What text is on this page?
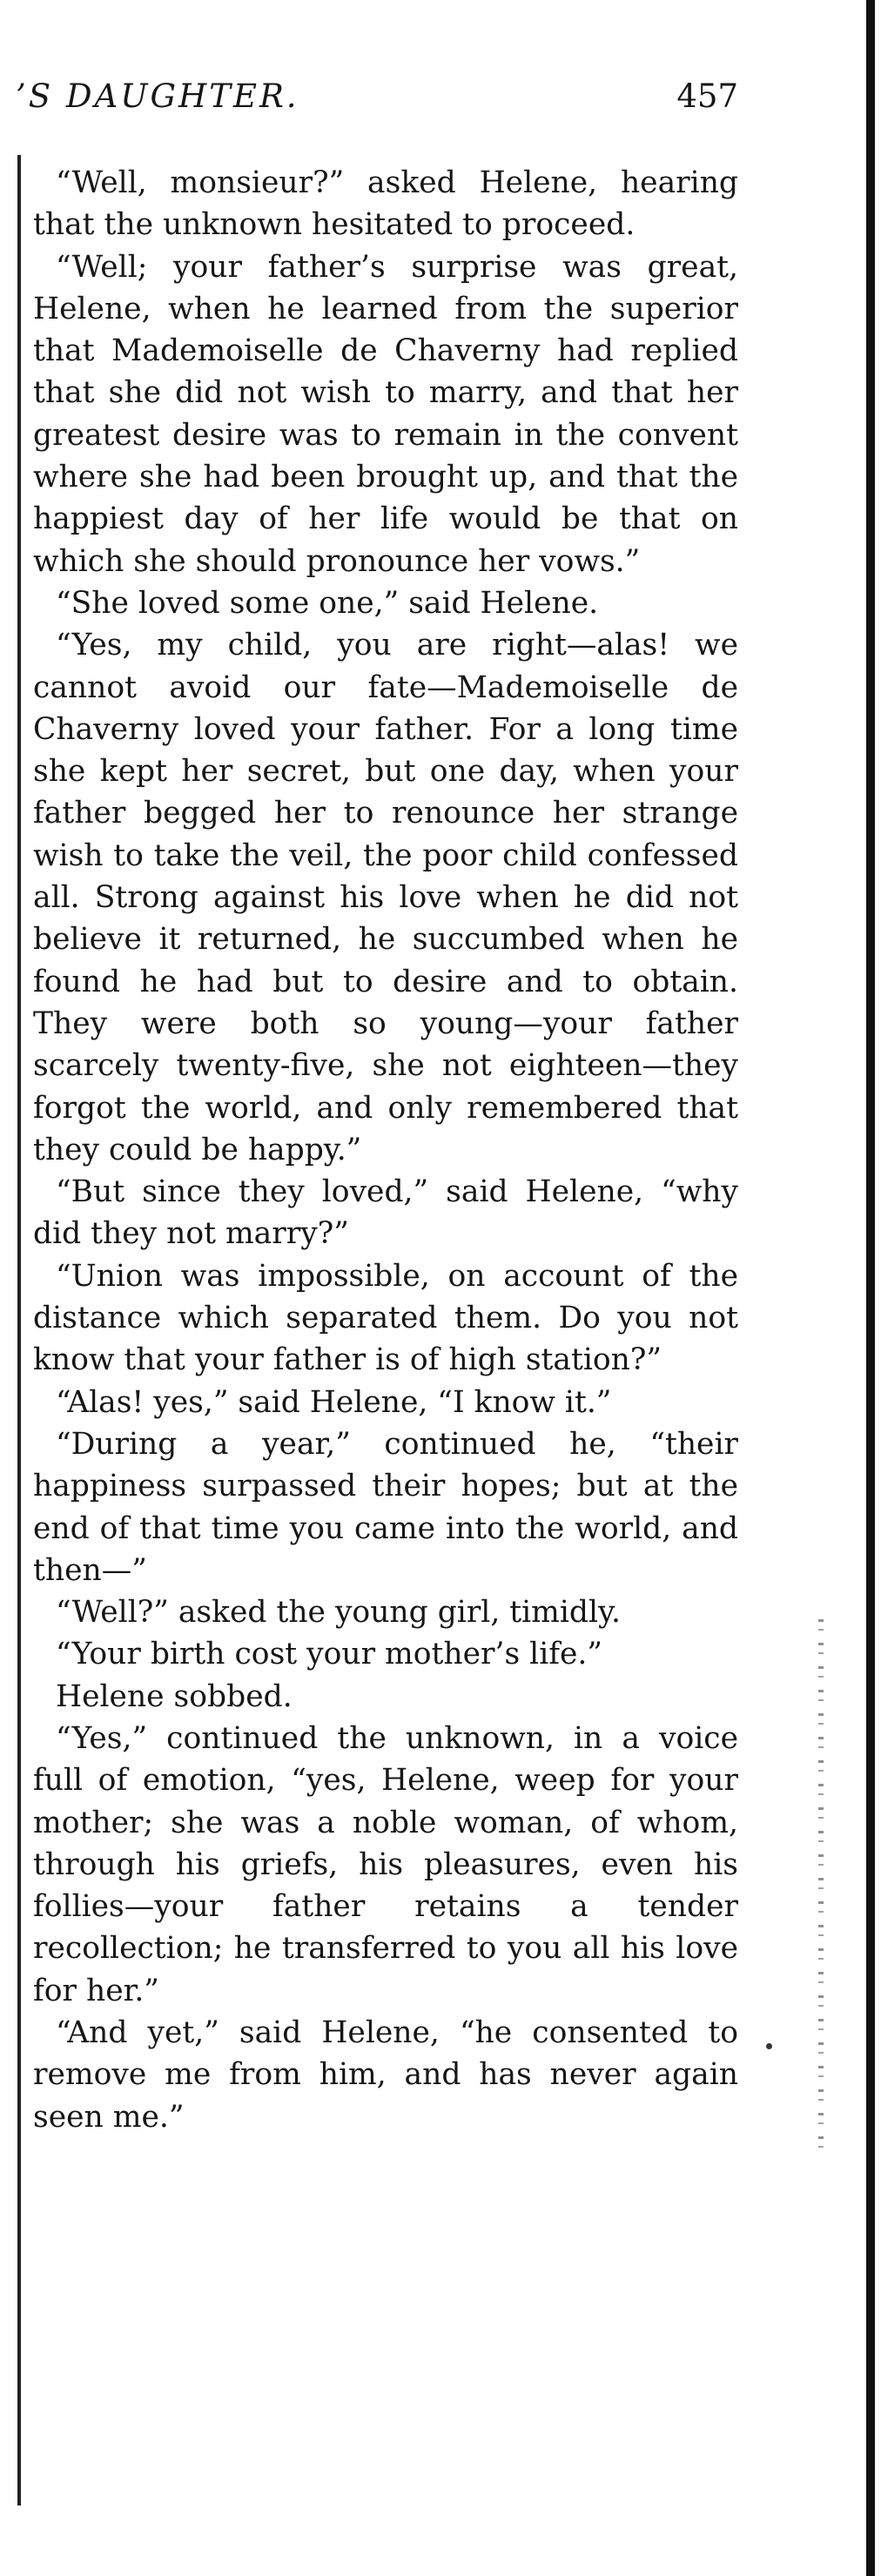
’S DAUGHTER.	457

“Well, monsieur?” asked Helene, hearing that the unknown hesitated to proceed.

“Well; your father’s surprise was great, Helene, when he learned from the superior that Mademoiselle de Chaverny had replied that she did not wish to marry, and that her greatest desire was to remain in the convent where she had been brought up, and that the happiest day of her life would be that on which she should pronounce her vows.”

“She loved some one,” said Helene.

“Yes, my child, you are right—alas! we cannot avoid our fate—Mademoiselle de Chaverny loved your father. For a long time she kept her secret, but one day, when your father begged her to renounce her strange wish to take the veil, the poor child confessed all. Strong against his love when he did not believe it returned, he succumbed when he found he had but to desire and to obtain. They were both so young—your father scarcely twenty-five, she not eighteen—they forgot the world, and only remembered that they could be happy.”

“But since they loved,” said Helene, “why did they not marry?”

“Union was impossible, on account of the distance which separated them. Do you not know that your father is of high station?”

“Alas! yes,” said Helene, “I know it.”

“During a year,” continued he, “their happiness surpassed their hopes; but at the end of that time you came into the world, and then—”

“Well?” asked the young girl, timidly.

“Your birth cost your mother’s life.”

Helene sobbed.

“Yes,” continued the unknown, in a voice full of emotion, “yes, Helene, weep for your mother; she was a noble woman, of whom, through his griefs, his pleasures, even his follies—your father retains a tender recollection; he transferred to you all his love for her.”

“And yet,” said Helene, “he consented to remove me from him, and has never again seen me.”
